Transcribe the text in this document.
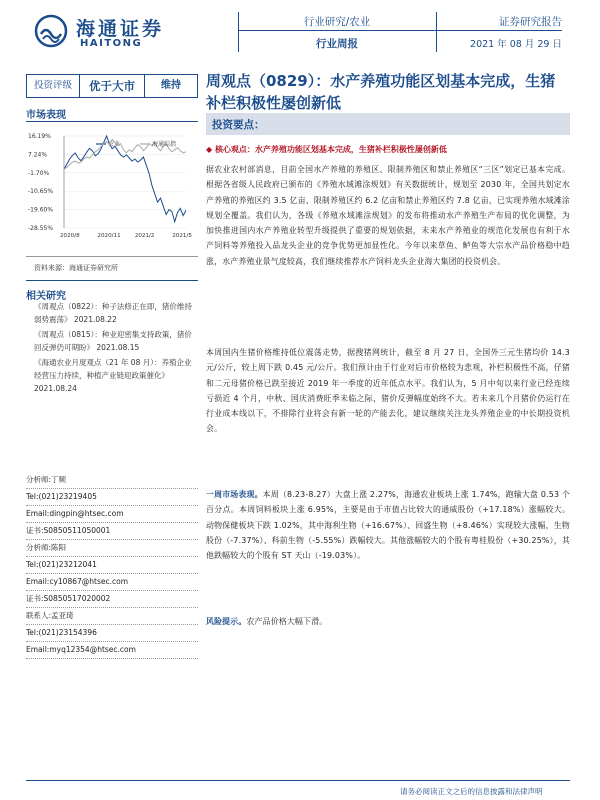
海通证券
HAITONG
行业研究/农业
行业周报
证券研究报告
2021 年 08 月 29 日
投资评级	优于大市	维持	周观点（0829）：水产养殖功能区划基本完成，生猪补栏积极性屡创新低
市场表现
16.19%
7.24%
-1.70%
-10.65%
-19.60%
-28.55%
2020/8	2020/11	2021/2	2021/5
农业	海通综指
资料来源：海通证券研究所
相关研究
《周观点（0822）：种子法修正在即，猪价维持弱势震荡》 2021.08.22
《周观点（0815）：种业迎密集支持政策，猪价回反弹仍可期盼》 2021.08.15
《海通农业月度观点（21 年 08 月）：养殖企业经营压力持续，种植产业链迎政策催化》 2021.08.24
分析师:丁频
Tel:(021)23219405
Email:dingpin@htsec.com
证书:S0850511050001
分析师:陈阳
Tel:(021)23212041
Email:cy10867@htsec.com
证书:S0850517020002
联系人:孟亚琦
Tel:(021)23154396
Email:myq12354@htsec.com
投资要点：
◆ 核心观点：水产养殖功能区划基本完成，生猪补栏积极性屡创新低
据农业农村部消息，目前全国水产养殖的养殖区、限制养殖区和禁止养殖区“三区”划定已基本完成。根据各省级人民政府已颁布的《养殖水域滩涂规划》有关数据统计，规划至 2030 年，全国共划定水产养殖的养殖区约 3.5 亿亩、限制养殖区约 6.2 亿亩和禁止养殖区约 7.8 亿亩，已实现养殖水域滩涂规划全覆盖。我们认为，各级《养殖水域滩涂规划》的发布将推动水产养殖生产布局的优化调整，为加快推进国内水产养殖业转型升级提供了重要的规划依据，未来水产养殖业的规范化发展也有利于水产饲料等养殖投入品龙头企业的竞争优势更加显性化。今年以来草鱼、鲈鱼等大宗水产品价格稳中趋涨，水产养殖业景气度较高，我们继续推荐水产饲料龙头企业海大集团的投资机会。
本周国内生猪价格维持低位震荡走势，据搜猪网统计，截至 8 月 27 日，全国外三元生猪均价 14.3 元/公斤，较上周下跌 0.45 元/公斤。我们预计由于行业对后市价格较为悲观，补栏积极性不高，仔猪和二元母猪价格已跌至接近 2019 年一季度的近年低点水平。我们认为，5 月中旬以来行业已经连续亏损近 4 个月，中秋、国庆消费旺季未临之际，猪价反弹幅度始终不大。若未来几个月猪价仍运行在行业成本线以下，不排除行业将会有新一轮的产能去化，建议继续关注龙头养殖企业的中长期投资机会。
一周市场表现。本周（8.23-8.27）大盘上涨 2.27%，海通农业板块上涨 1.74%，跑输大盘 0.53 个百分点。本周饲料板块上涨 6.95%，主要是由于市值占比较大的通威股份（+17.18%）涨幅较大。动物保健板块下跌 1.02%，其中海利生物（+16.67%）、回盛生物（+8.46%）实现较大涨幅，生物股份（-7.37%）、科前生物（-5.55%）跌幅较大。其他涨幅较大的个股有粤桂股份（+30.25%），其他跌幅较大的个股有 ST 天山（-19.03%）。
风险提示。农产品价格大幅下滑。
请务必阅读正文之后的信息披露和法律声明
